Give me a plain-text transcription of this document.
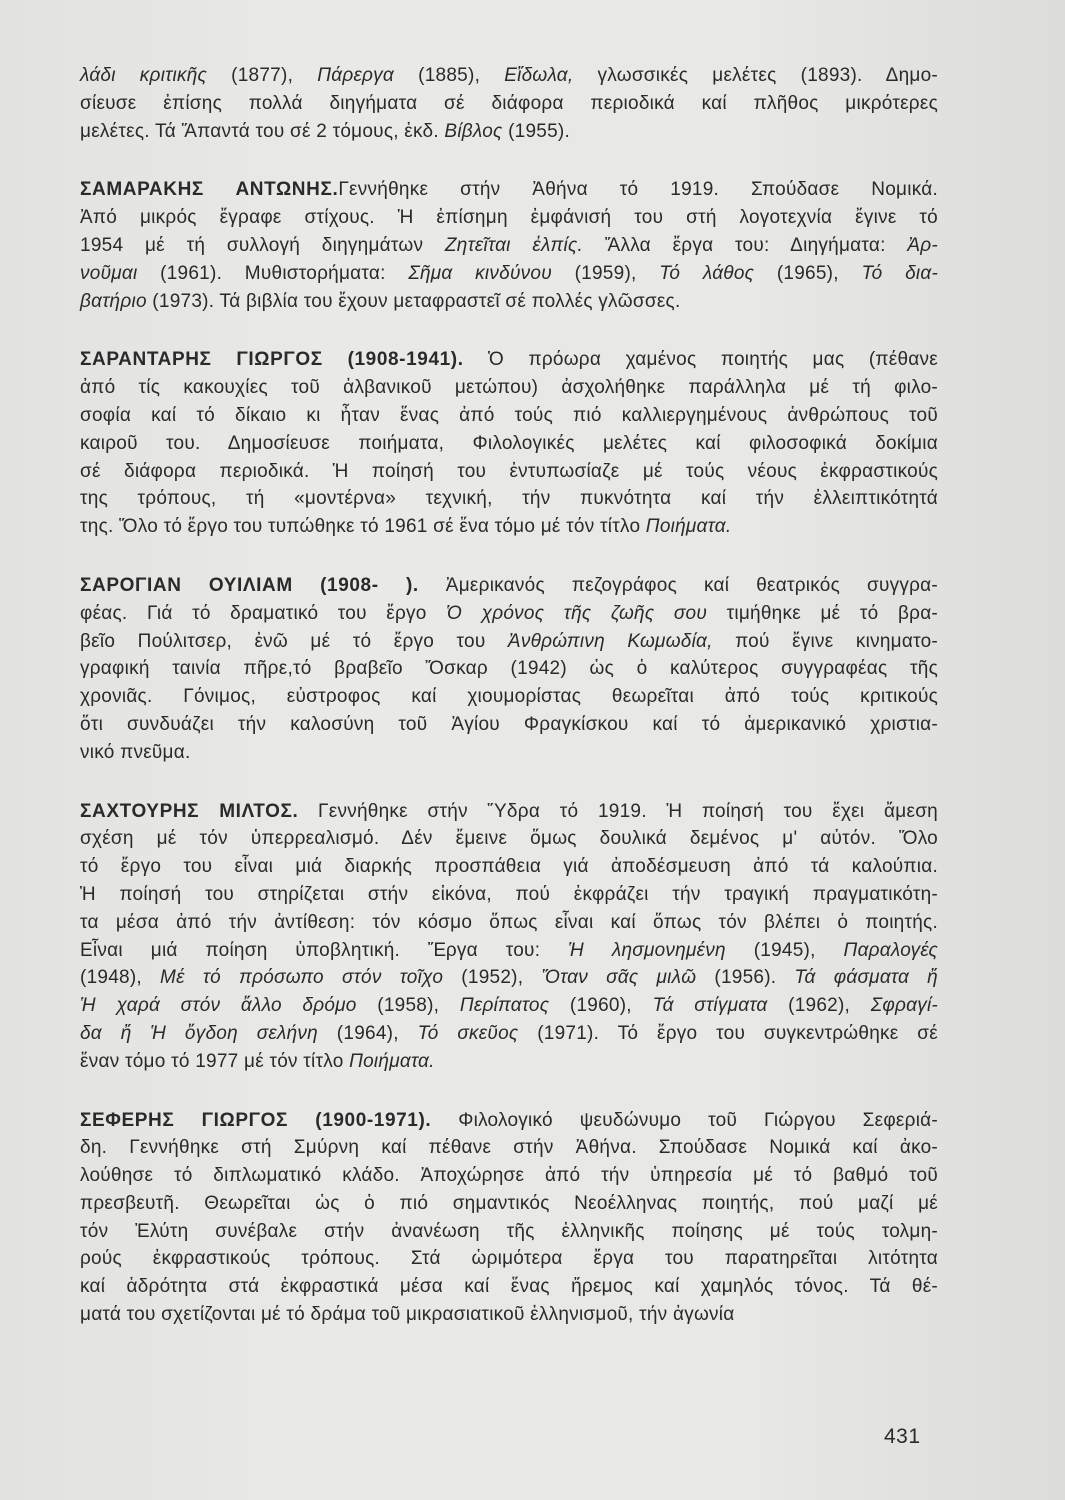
λάδι κριτικῆς (1877), Πάρεργα (1885), Εἴδωλα, γλωσσικές μελέτες (1893). Δημο-
σίευσε ἐπίσης πολλά διηγήματα σέ διάφορα περιοδικά καί πλῆθος μικρότερες
μελέτες. Τά Ἅπαντά του σέ 2 τόμους, ἐκδ. Βίβλος (1955).
ΣΑΜΑΡΑΚΗΣ ΑΝΤΩΝΗΣ.Γεννήθηκε στήν Ἀθήνα τό 1919. Σπούδασε Νομικά.
Ἀπό μικρός ἔγραφε στίχους. Ἡ ἐπίσημη ἐμφάνισή του στή λογοτεχνία ἔγινε τό
1954 μέ τή συλλογή διηγημάτων Ζητεῖται ἐλπίς. Ἄλλα ἔργα του: Διηγήματα: Ἀρ-
νοῦμαι (1961). Μυθιστορήματα: Σῆμα κινδύνου (1959), Τό λάθος (1965), Τό δια-
βατήριο (1973). Τά βιβλία του ἔχουν μεταφραστεῖ σέ πολλές γλῶσσες.
ΣΑΡΑΝΤΑΡΗΣ ΓΙΩΡΓΟΣ (1908-1941). Ὁ πρόωρα χαμένος ποιητής μας (πέθανε
ἀπό τίς κακουχίες τοῦ ἀλβανικοῦ μετώπου) ἀσχολήθηκε παράλληλα μέ τή φιλο-
σοφία καί τό δίκαιο κι ἦταν ἕνας ἀπό τούς πιό καλλιεργημένους ἀνθρώπους τοῦ
καιροῦ του. Δημοσίευσε ποιήματα, Φιλολογικές μελέτες καί φιλοσοφικά δοκίμια
σέ διάφορα περιοδικά. Ἡ ποίησή του ἐντυπωσίαζε μέ τούς νέους ἐκφραστικούς
της τρόπους, τή «μοντέρνα» τεχνική, τήν πυκνότητα καί τήν ἐλλειπτικότητά
της. Ὅλο τό ἔργο του τυπώθηκε τό 1961 σέ ἕνα τόμο μέ τόν τίτλο Ποιήματα.
ΣΑΡΟΓΙΑΝ ΟΥΙΛΙΑΜ (1908- ). Ἀμερικανός πεζογράφος καί θεατρικός συγγρα-
φέας. Γιά τό δραματικό του ἔργο Ὁ χρόνος τῆς ζωῆς σου τιμήθηκε μέ τό βρα-
βεῖο Πούλιτσερ, ἐνῶ μέ τό ἔργο του Ἀνθρώπινη Κωμωδία, πού ἔγινε κινηματο-
γραφική ταινία πῆρε,τό βραβεῖο Ὄσκαρ (1942) ὡς ὁ καλύτερος συγγραφέας τῆς
χρονιᾶς. Γόνιμος, εὐστροφος καί χιουμορίστας θεωρεῖται ἀπό τούς κριτικούς
ὅτι συνδυάζει τήν καλοσύνη τοῦ Ἁγίου Φραγκίσκου καί τό ἀμερικανικό χριστια-
νικό πνεῦμα.
ΣΑΧΤΟΥΡΗΣ ΜΙΛΤΟΣ. Γεννήθηκε στήν Ὕδρα τό 1919. Ἡ ποίησή του ἔχει ἄμεση
σχέση μέ τόν ὑπερρεαλισμό. Δέν ἔμεινε ὅμως δουλικά δεμένος μ' αὐτόν. Ὅλο
τό ἔργο του εἶναι μιά διαρκής προσπάθεια γιά ἀποδέσμευση ἀπό τά καλούπια.
Ἡ ποίησή του στηρίζεται στήν εἰκόνα, πού ἐκφράζει τήν τραγική πραγματικότη-
τα μέσα ἀπό τήν ἀντίθεση: τόν κόσμο ὅπως εἶναι καί ὅπως τόν βλέπει ὁ ποιητής.
Εἶναι μιά ποίηση ὑποβλητική. Ἔργα του: Ἡ λησμονημένη (1945), Παραλογές
(1948), Μέ τό πρόσωπο στόν τοῖχο (1952), Ὅταν σᾶς μιλῶ (1956). Τά φάσματα ἤ
Ἡ χαρά στόν ἄλλο δρόμο (1958), Περίπατος (1960), Τά στίγματα (1962), Σφραγί-
δα ἤ Ἡ ὄγδοη σελήνη (1964), Τό σκεῦος (1971). Τό ἔργο του συγκεντρώθηκε σέ
ἕναν τόμο τό 1977 μέ τόν τίτλο Ποιήματα.
ΣΕΦΕΡΗΣ ΓΙΩΡΓΟΣ (1900-1971). Φιλολογικό ψευδώνυμο τοῦ Γιώργου Σεφεριά-
δη. Γεννήθηκε στή Σμύρνη καί πέθανε στήν Ἀθήνα. Σπούδασε Νομικά καί ἀκο-
λούθησε τό διπλωματικό κλάδο. Ἀποχώρησε ἀπό τήν ὑπηρεσία μέ τό βαθμό τοῦ
πρεσβευτῆ. Θεωρεῖται ὡς ὁ πιό σημαντικός Νεοέλληνας ποιητής, πού μαζί μέ
τόν Ἐλύτη συνέβαλε στήν ἀνανέωση τῆς ἑλληνικῆς ποίησης μέ τούς τολμη-
ρούς ἐκφραστικούς τρόπους. Στά ὡριμότερα ἔργα του παρατηρεῖται λιτότητα
καί ἁδρότητα στά ἐκφραστικά μέσα καί ἕνας ἤρεμος καί χαμηλός τόνος. Τά θέ-
ματά του σχετίζονται μέ τό δράμα τοῦ μικρασιατικοῦ ἑλληνισμοῦ, τήν ἀγωνία
431
